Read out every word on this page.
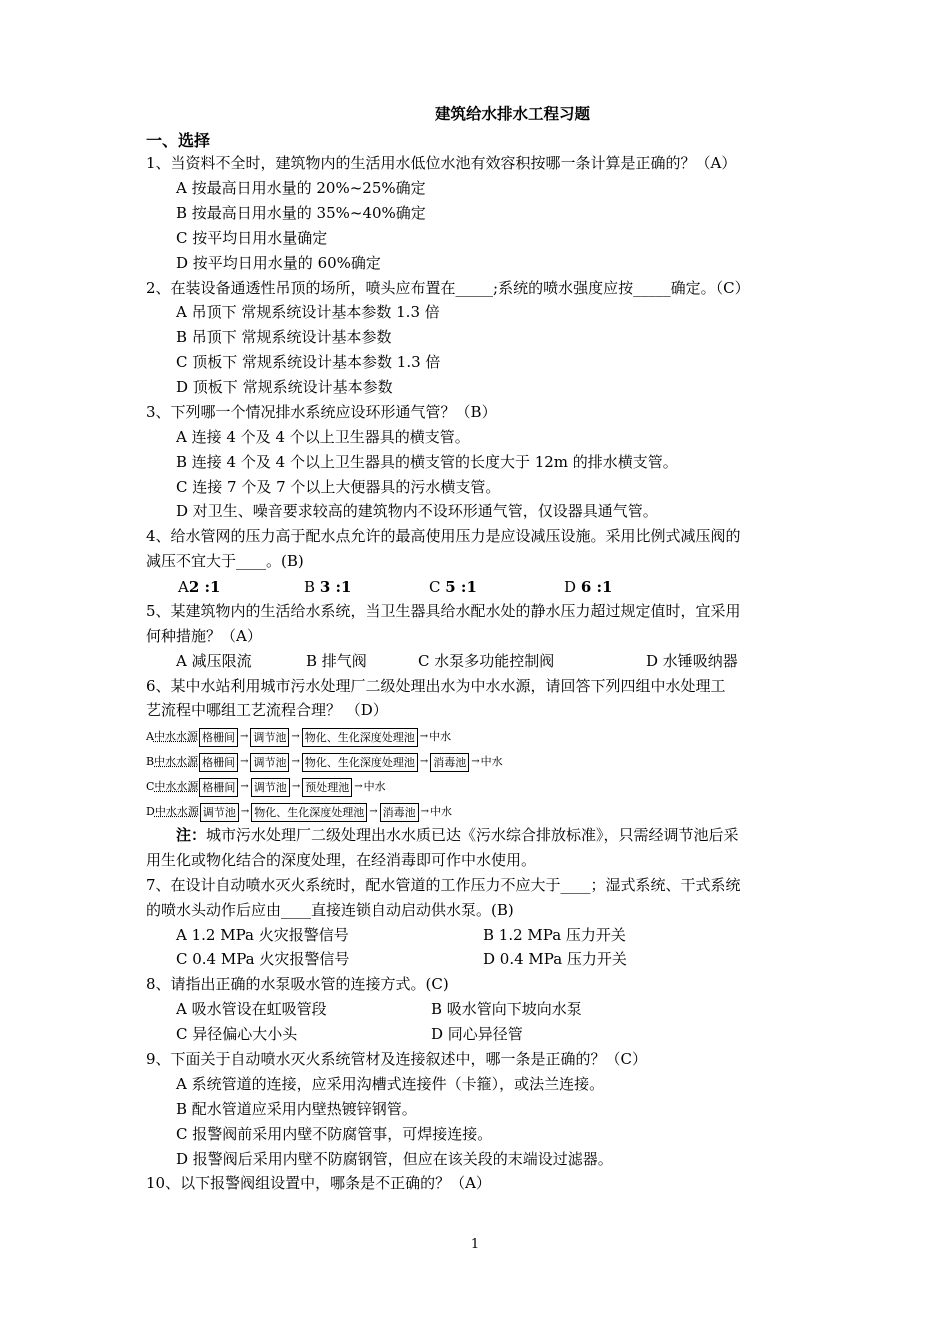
建筑给水排水工程习题
一、选择
1、当资料不全时，建筑物内的生活用水低位水池有效容积按哪一条计算是正确的？（A）
A 按最高日用水量的 20%~25%确定
B 按最高日用水量的 35%~40%确定
C 按平均日用水量确定
D 按平均日用水量的 60%确定
2、在装设备通透性吊顶的场所，喷头应布置在_____;系统的喷水强度应按_____确定。（C）
A 吊顶下 常规系统设计基本参数 1.3 倍
B 吊顶下 常规系统设计基本参数
C 顶板下 常规系统设计基本参数 1.3 倍
D 顶板下 常规系统设计基本参数
3、下列哪一个情况排水系统应设环形通气管？（B）
A 连接 4 个及 4 个以上卫生器具的横支管。
B 连接 4 个及 4 个以上卫生器具的横支管的长度大于 12m 的排水横支管。
C 连接 7 个及 7 个以上大便器具的污水横支管。
D 对卫生、噪音要求较高的建筑物内不设环形通气管，仅设器具通气管。
4、给水管网的压力高于配水点允许的最高使用压力是应设减压设施。采用比例式减压阀的
减压不宜大于____。(B)
A2 :1	B 3 :1	C 5 :1	D 6 :1
5、某建筑物内的生活给水系统，当卫生器具给水配水处的静水压力超过规定值时，宜采用
何种措施？（A）
A 减压限流	B 排气阀	C 水泵多功能控制阀	D 水锤吸纳器
6、某中水站利用城市污水处理厂二级处理出水为中水水源，请回答下列四组中水处理工
艺流程中哪组工艺流程合理？ （D）
A中水水源 格栅间 → 调节池 → 物化、生化深度处理池 →中水
B中水水源 格栅间 → 调节池 → 物化、生化深度处理池 → 消毒池 →中水
C中水水源 格栅间 → 调节池 → 预处理池 →中水
D中水水源 调节池 → 物化、生化深度处理池 → 消毒池 →中水
注：城市污水处理厂二级处理出水水质已达《污水综合排放标准》，只需经调节池后采
用生化或物化结合的深度处理，在经消毒即可作中水使用。
7、在设计自动喷水灭火系统时，配水管道的工作压力不应大于____；湿式系统、干式系统
的喷水头动作后应由____直接连锁自动启动供水泵。(B)
A 1.2 MPa 火灾报警信号	B 1.2 MPa 压力开关
C 0.4 MPa 火灾报警信号	D 0.4 MPa 压力开关
8、请指出正确的水泵吸水管的连接方式。(C)
A 吸水管设在虹吸管段	B 吸水管向下坡向水泵
C 异径偏心大小头	D 同心异径管
9、下面关于自动喷水灭火系统管材及连接叙述中，哪一条是正确的？（C）
A 系统管道的连接，应采用沟槽式连接件（卡箍），或法兰连接。
B 配水管道应采用内壁热镀锌钢管。
C 报警阀前采用内壁不防腐管事，可焊接连接。
D 报警阀后采用内壁不防腐钢管，但应在该关段的末端设过滤器。
10、以下报警阀组设置中，哪条是不正确的？（A）
1
